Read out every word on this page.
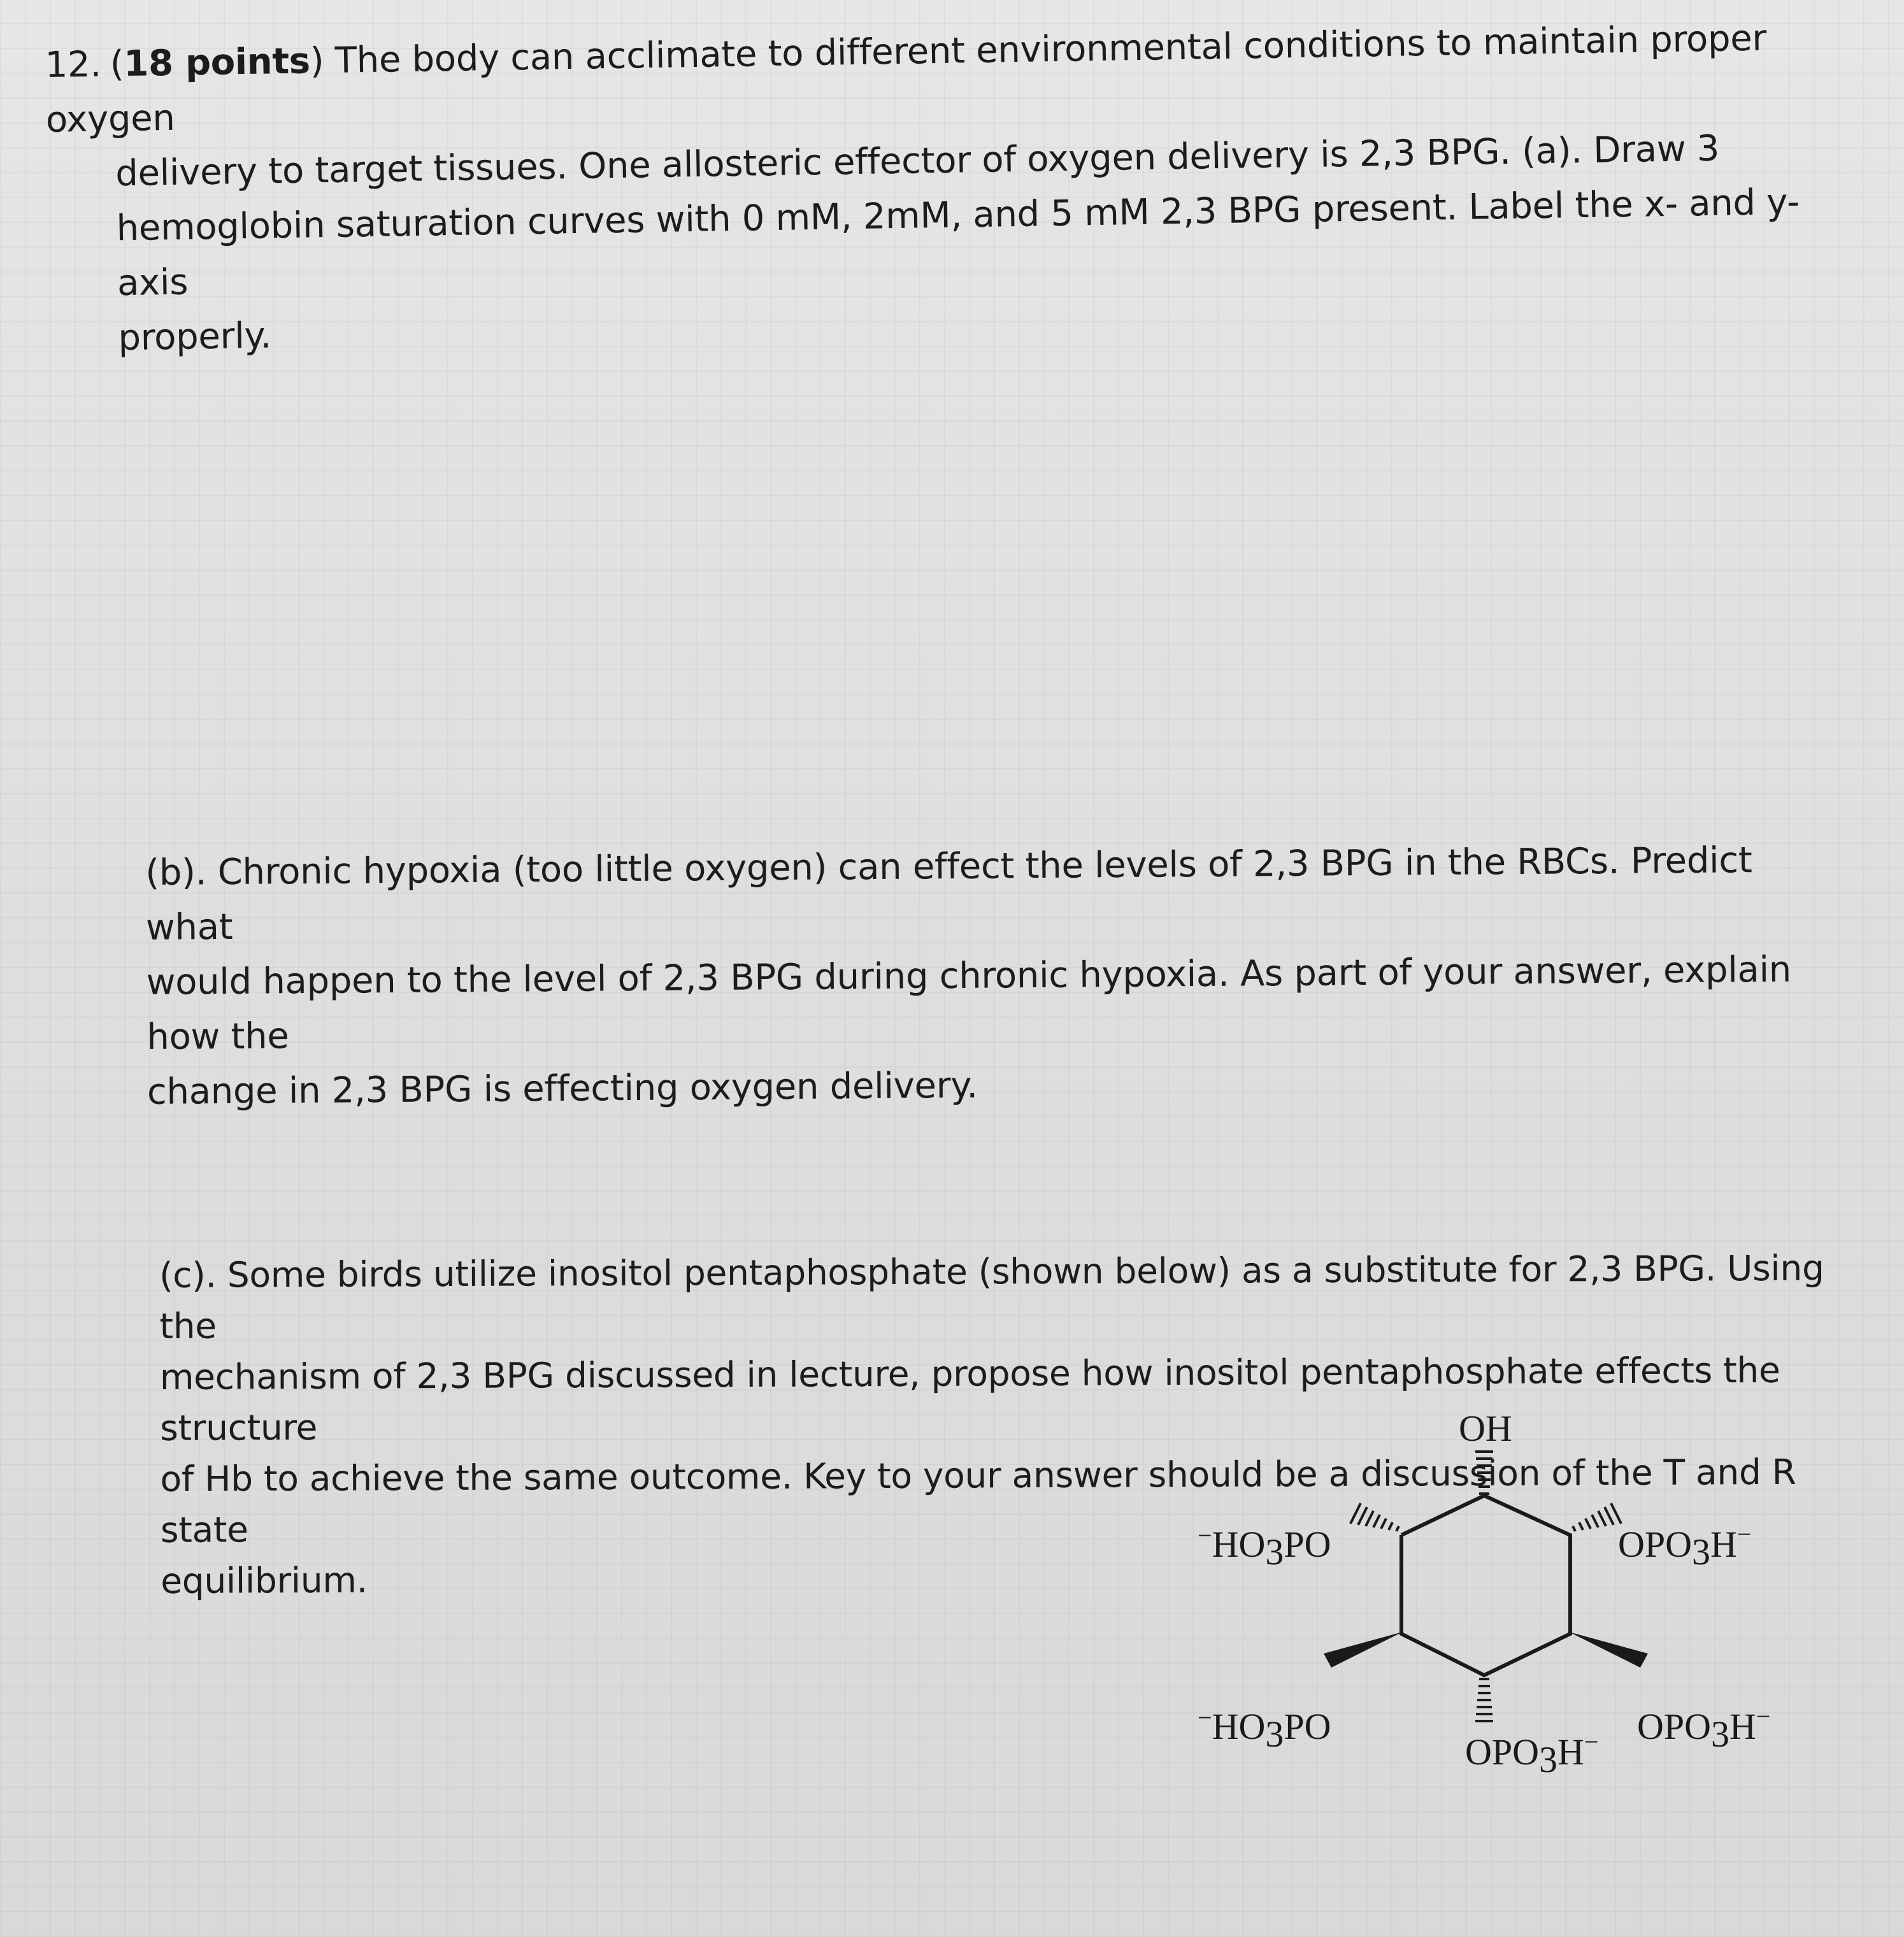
12. (18 points) The body can acclimate to different environmental conditions to maintain proper oxygen
delivery to target tissues. One allosteric effector of oxygen delivery is 2,3 BPG. (a). Draw 3
hemoglobin saturation curves with 0 mM, 2mM, and 5 mM 2,3 BPG present. Label the x- and y- axis
properly.
(b). Chronic hypoxia (too little oxygen) can effect the levels of 2,3 BPG in the RBCs. Predict what
would happen to the level of 2,3 BPG during chronic hypoxia. As part of your answer, explain how the
change in 2,3 BPG is effecting oxygen delivery.
(c). Some birds utilize inositol pentaphosphate (shown below) as a substitute for 2,3 BPG. Using the
mechanism of 2,3 BPG discussed in lecture, propose how inositol pentaphosphate effects the structure
of Hb to achieve the same outcome. Key to your answer should be a discussion of the T and R state
equilibrium.
OH
−HO3PO	OPO3H−
−HO3PO	OPO3H−
OPO3H−
